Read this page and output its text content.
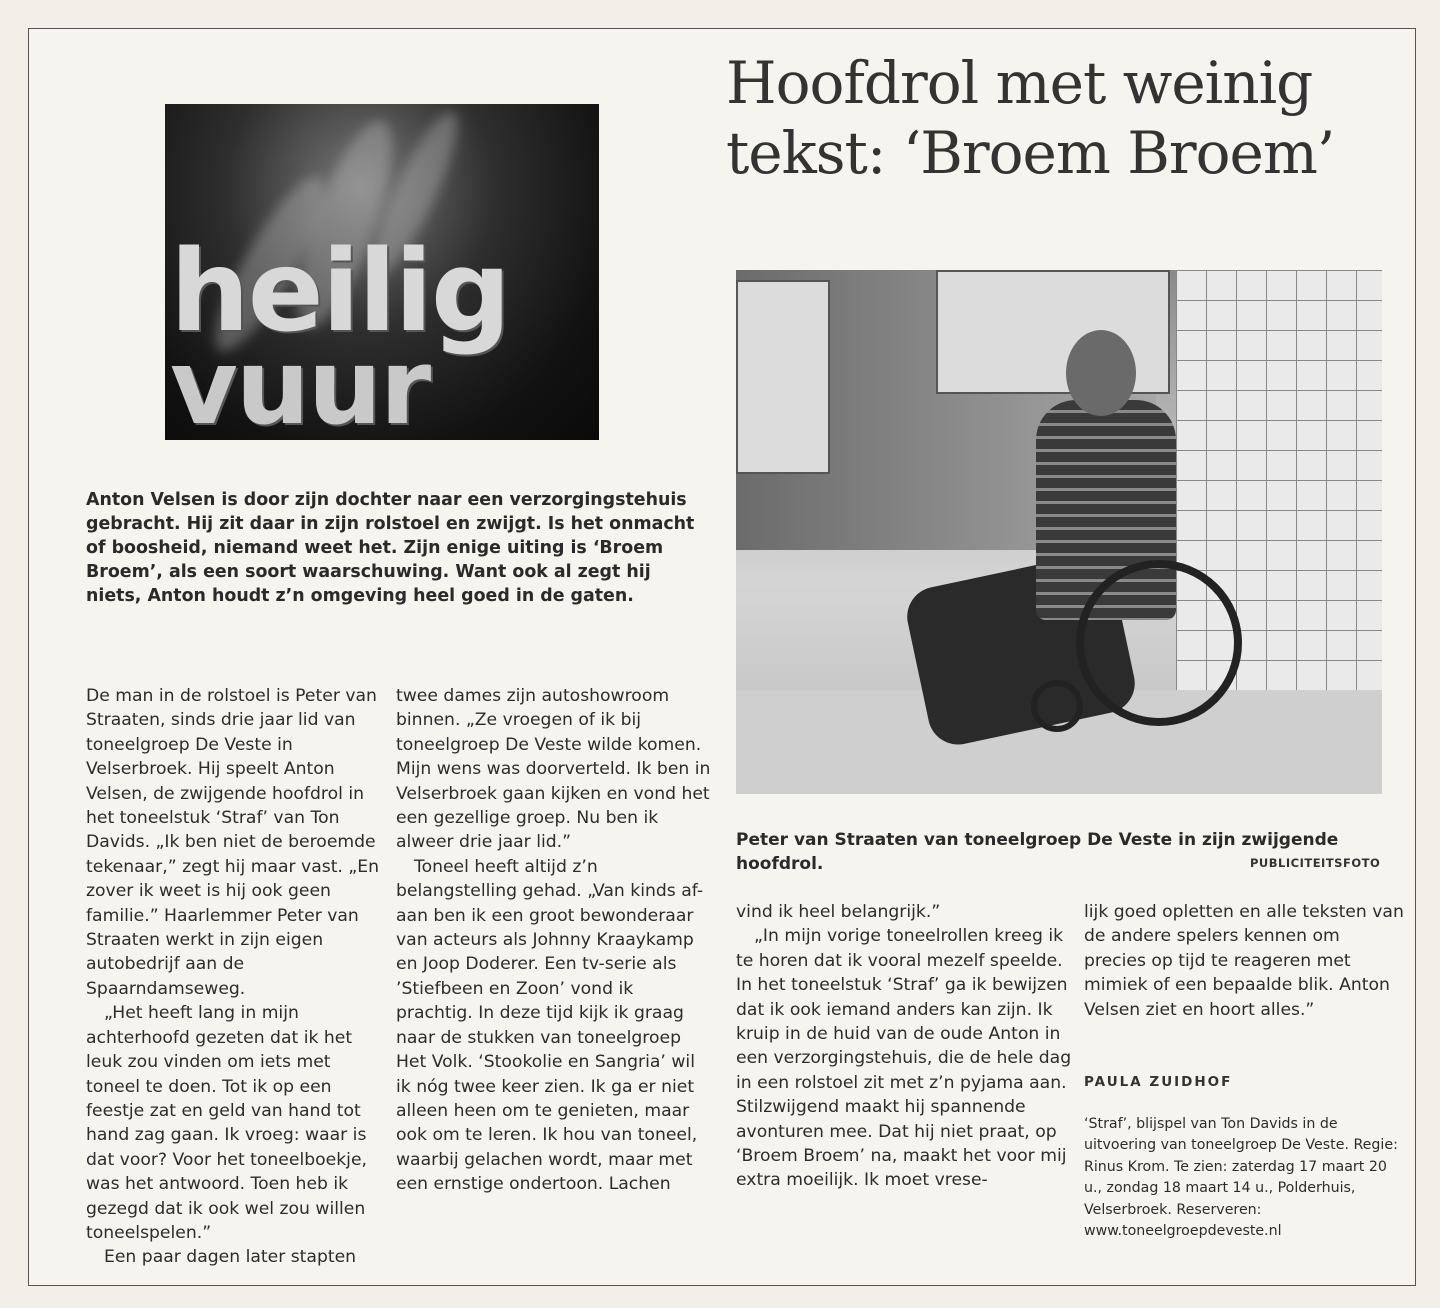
heilig
vuur
Hoofdrol met weinig tekst: ‘Broem Broem’
Anton Velsen is door zijn dochter naar een verzorgingstehuis gebracht. Hij zit daar in zijn rolstoel en zwijgt. Is het onmacht of boosheid, niemand weet het. Zijn enige uiting is ‘Broem Broem’, als een soort waarschuwing. Want ook al zegt hij niets, Anton houdt z’n omgeving heel goed in de gaten.

De man in de rolstoel is Peter van Straaten, sinds drie jaar lid van toneelgroep De Veste in Velserbroek. Hij speelt Anton Velsen, de zwijgende hoofdrol in het toneelstuk ‘Straf’ van Ton Davids. „Ik ben niet de beroemde tekenaar,” zegt hij maar vast. „En zover ik weet is hij ook geen familie.” Haarlemmer Peter van Straaten werkt in zijn eigen autobedrijf aan de Spaarndamseweg.

„Het heeft lang in mijn achterhoofd gezeten dat ik het leuk zou vinden om iets met toneel te doen. Tot ik op een feestje zat en geld van hand tot hand zag gaan. Ik vroeg: waar is dat voor? Voor het toneelboekje, was het antwoord. Toen heb ik gezegd dat ik ook wel zou willen toneelspelen.”

Een paar dagen later stapten

twee dames zijn autoshowroom binnen. „Ze vroegen of ik bij toneelgroep De Veste wilde komen. Mijn wens was doorverteld. Ik ben in Velserbroek gaan kijken en vond het een gezellige groep. Nu ben ik alweer drie jaar lid.”

Toneel heeft altijd z’n belangstelling gehad. „Van kinds af-aan ben ik een groot bewonderaar van acteurs als Johnny Kraaykamp en Joop Doderer. Een tv-serie als ’Stiefbeen en Zoon’ vond ik prachtig. In deze tijd kijk ik graag naar de stukken van toneelgroep Het Volk. ‘Stookolie en Sangria’ wil ik nóg twee keer zien. Ik ga er niet alleen heen om te genieten, maar ook om te leren. Ik hou van toneel, waarbij gelachen wordt, maar met een ernstige ondertoon. Lachen

Peter van Straaten van toneelgroep De Veste in zijn zwijgende hoofdrol.	PUBLICITEITSFOTO

vind ik heel belangrijk.”

„In mijn vorige toneelrollen kreeg ik te horen dat ik vooral mezelf speelde. In het toneelstuk ‘Straf’ ga ik bewijzen dat ik ook iemand anders kan zijn. Ik kruip in de huid van de oude Anton in een verzorgingstehuis, die de hele dag in een rolstoel zit met z’n pyjama aan. Stilzwijgend maakt hij spannende avonturen mee. Dat hij niet praat, op ‘Broem Broem’ na, maakt het voor mij extra moeilijk. Ik moet vrese-

lijk goed opletten en alle teksten van de andere spelers kennen om precies op tijd te reageren met mimiek of een bepaalde blik. Anton Velsen ziet en hoort alles.”

PAULA ZUIDHOF
‘Straf’, blijspel van Ton Davids in de uitvoering van toneelgroep De Veste. Regie: Rinus Krom. Te zien: zaterdag 17 maart 20 u., zondag 18 maart 14 u., Polderhuis, Velserbroek. Reserveren: www.toneelgroepdeveste.nl
